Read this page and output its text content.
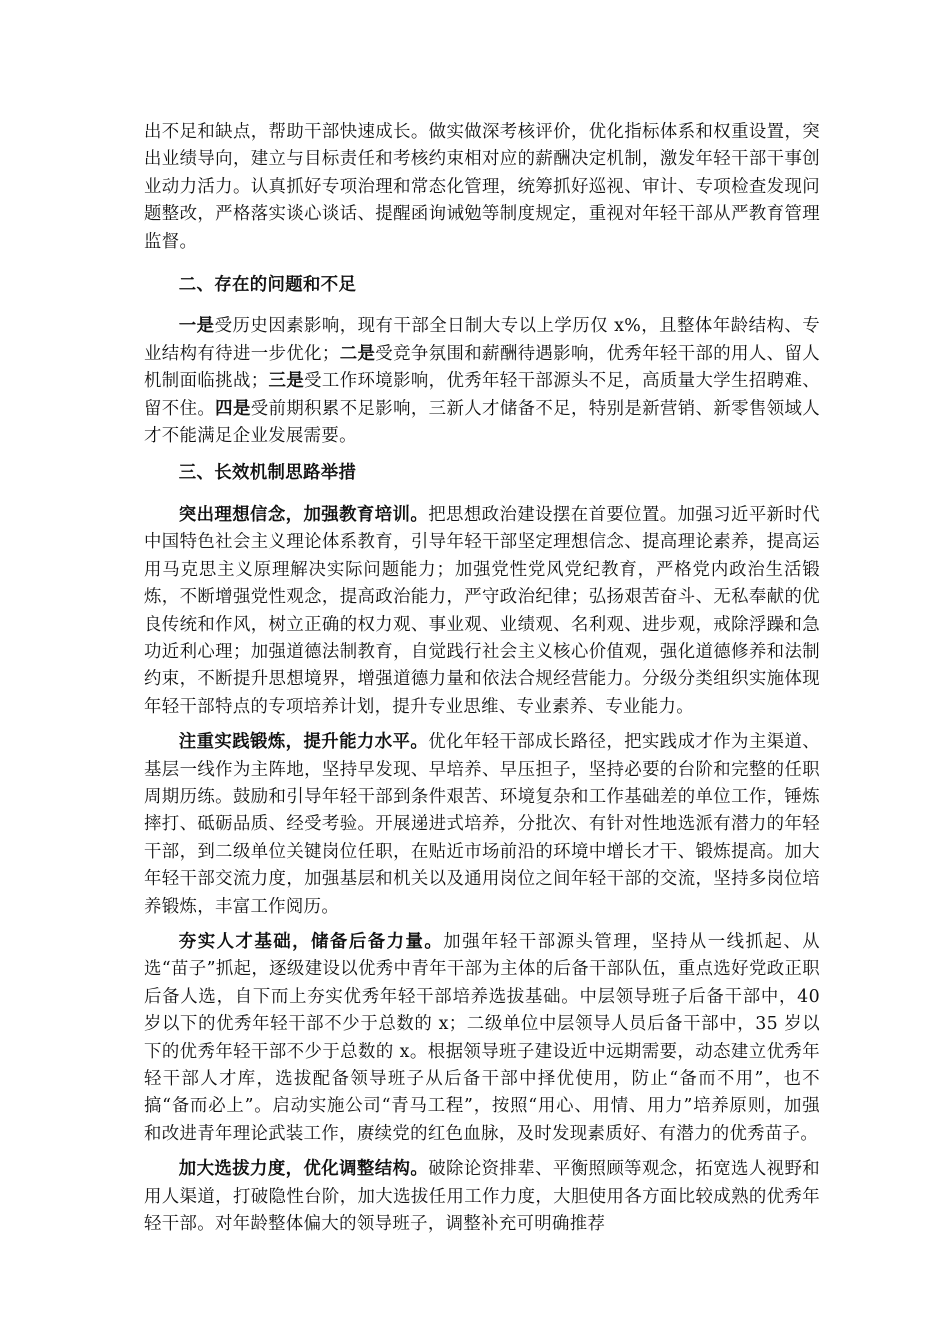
出不足和缺点，帮助干部快速成长。做实做深考核评价，优化指标体系和权重设置，突出业绩导向，建立与目标责任和考核约束相对应的薪酬决定机制，激发年轻干部干事创业动力活力。认真抓好专项治理和常态化管理，统筹抓好巡视、审计、专项检查发现问题整改，严格落实谈心谈话、提醒函询诫勉等制度规定，重视对年轻干部从严教育管理监督。

二、存在的问题和不足

一是受历史因素影响，现有干部全日制大专以上学历仅 x%，且整体年龄结构、专业结构有待进一步优化；二是受竞争氛围和薪酬待遇影响，优秀年轻干部的用人、留人机制面临挑战；三是受工作环境影响，优秀年轻干部源头不足，高质量大学生招聘难、留不住。四是受前期积累不足影响，三新人才储备不足，特别是新营销、新零售领域人才不能满足企业发展需要。

三、长效机制思路举措

突出理想信念，加强教育培训。把思想政治建设摆在首要位置。加强习近平新时代中国特色社会主义理论体系教育，引导年轻干部坚定理想信念、提高理论素养，提高运用马克思主义原理解决实际问题能力；加强党性党风党纪教育，严格党内政治生活锻炼，不断增强党性观念，提高政治能力，严守政治纪律；弘扬艰苦奋斗、无私奉献的优良传统和作风，树立正确的权力观、事业观、业绩观、名利观、进步观，戒除浮躁和急功近利心理；加强道德法制教育，自觉践行社会主义核心价值观，强化道德修养和法制约束，不断提升思想境界，增强道德力量和依法合规经营能力。分级分类组织实施体现年轻干部特点的专项培养计划，提升专业思维、专业素养、专业能力。

注重实践锻炼，提升能力水平。优化年轻干部成长路径，把实践成才作为主渠道、基层一线作为主阵地，坚持早发现、早培养、早压担子，坚持必要的台阶和完整的任职周期历练。鼓励和引导年轻干部到条件艰苦、环境复杂和工作基础差的单位工作，锤炼摔打、砥砺品质、经受考验。开展递进式培养，分批次、有针对性地选派有潜力的年轻干部，到二级单位关键岗位任职，在贴近市场前沿的环境中增长才干、锻炼提高。加大年轻干部交流力度，加强基层和机关以及通用岗位之间年轻干部的交流，坚持多岗位培养锻炼，丰富工作阅历。

夯实人才基础，储备后备力量。加强年轻干部源头管理，坚持从一线抓起、从选“苗子”抓起，逐级建设以优秀中青年干部为主体的后备干部队伍，重点选好党政正职后备人选，自下而上夯实优秀年轻干部培养选拔基础。中层领导班子后备干部中，40 岁以下的优秀年轻干部不少于总数的 x；二级单位中层领导人员后备干部中，35 岁以下的优秀年轻干部不少于总数的 x。根据领导班子建设近中远期需要，动态建立优秀年轻干部人才库，选拔配备领导班子从后备干部中择优使用，防止“备而不用”，也不搞“备而必上”。启动实施公司“青马工程”，按照“用心、用情、用力”培养原则，加强和改进青年理论武装工作，赓续党的红色血脉，及时发现素质好、有潜力的优秀苗子。

加大选拔力度，优化调整结构。破除论资排辈、平衡照顾等观念，拓宽选人视野和用人渠道，打破隐性台阶，加大选拔任用工作力度，大胆使用各方面比较成熟的优秀年轻干部。对年龄整体偏大的领导班子，调整补充可明确推荐
